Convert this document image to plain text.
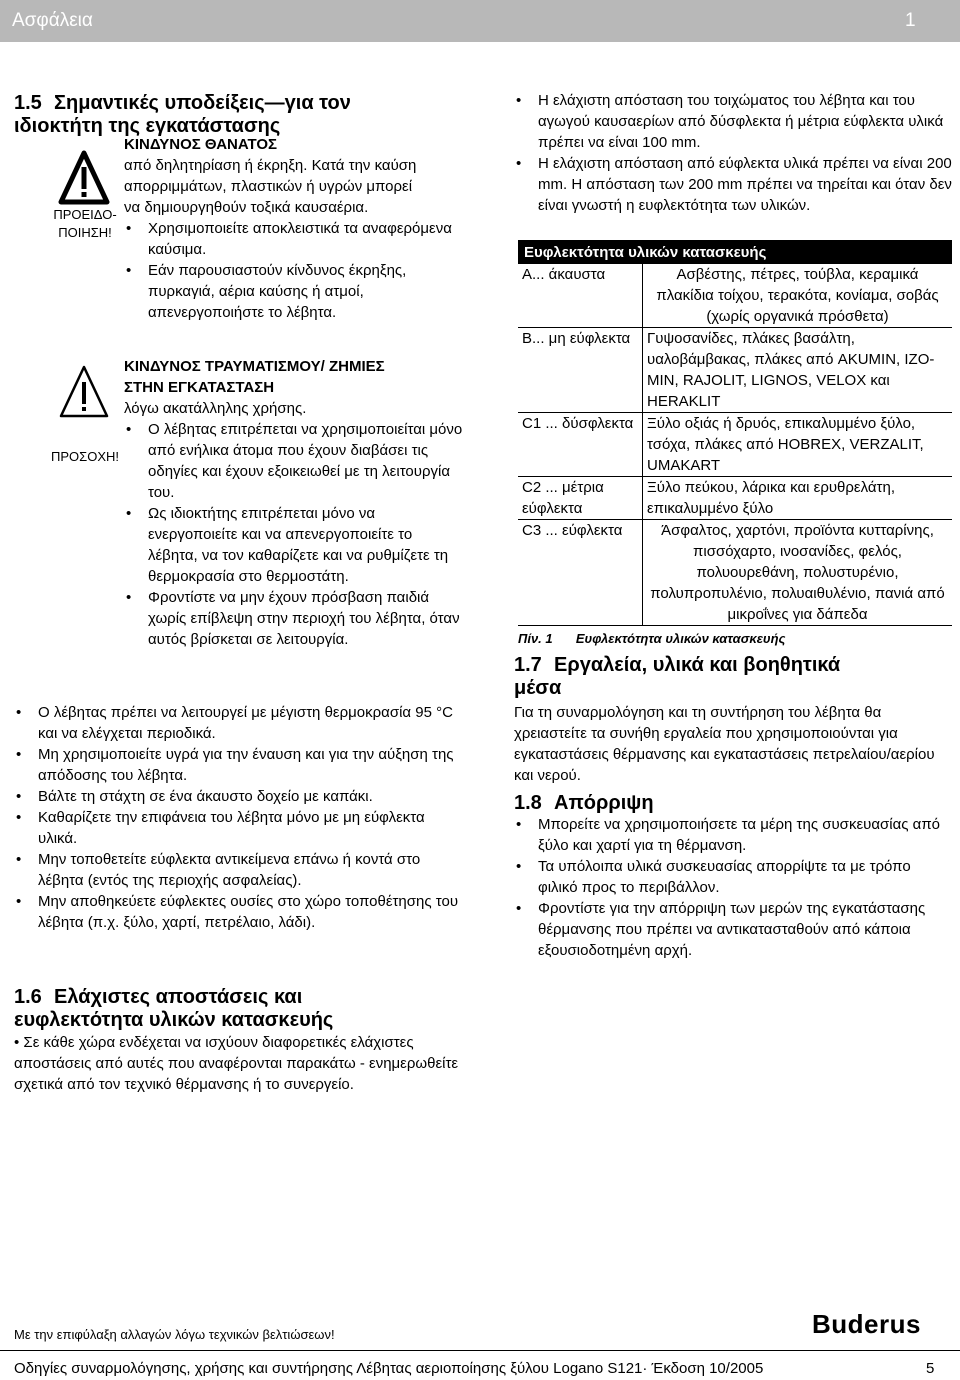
Ασφάλεια	1
1.5 Σημαντικές υποδείξεις—για τον
ιδιοκτήτη της εγκατάστασης
ΠΡΟΕΙΔΟ-
ΠΟΙΗΣΗ!
ΚΙΝΔΥΝΟΣ ΘΑΝΑΤΟΣ
από δηλητηρίαση ή έκρηξη. Κατά την καύση
απορριμμάτων, πλαστικών ή υγρών μπορεί
να δημιουργηθούν τοξικά καυσαέρια.
• Χρησιμοποιείτε αποκλειστικά τα αναφερόμενα καύσιμα.
• Εάν παρουσιαστούν κίνδυνος έκρηξης, πυρκαγιά, αέρια καύσης ή ατμοί, απενεργοποιήστε το λέβητα.
ΠΡΟΣΟΧΗ!
ΚΙΝΔΥΝΟΣ ΤΡΑΥΜΑΤΙΣΜΟΥ/ ΖΗΜΙΕΣ
ΣΤΗΝ ΕΓΚΑΤΑΣΤΑΣΗ
λόγω ακατάλληλης χρήσης.
• Ο λέβητας επιτρέπεται να χρησιμοποιείται μόνο από ενήλικα άτομα που έχουν διαβάσει τις οδηγίες και έχουν εξοικειωθεί με τη λειτουργία του.
• Ως ιδιοκτήτης επιτρέπεται μόνο να ενεργοποιείτε και να απενεργοποιείτε το λέβητα, να τον καθαρίζετε και να ρυθμίζετε τη θερμοκρασία στο θερμοστάτη.
• Φροντίστε να μην έχουν πρόσβαση παιδιά χωρίς επίβλεψη στην περιοχή του λέβητα, όταν αυτός βρίσκεται σε λειτουργία.
• Ο λέβητας πρέπει να λειτουργεί με μέγιστη θερμοκρασία 95 °C και να ελέγχεται περιοδικά.
• Μη χρησιμοποιείτε υγρά για την έναυση και για την αύξηση της απόδοσης του λέβητα.
• Βάλτε τη στάχτη σε ένα άκαυστο δοχείο με καπάκι.
• Καθαρίζετε την επιφάνεια του λέβητα μόνο με μη εύφλεκτα υλικά.
• Μην τοποθετείτε εύφλεκτα αντικείμενα επάνω ή κοντά στο λέβητα (εντός της περιοχής ασφαλείας).
• Μην αποθηκεύετε εύφλεκτες ουσίες στο χώρο τοποθέτησης του λέβητα (π.χ. ξύλο, χαρτί, πετρέλαιο, λάδι).
1.6 Ελάχιστες αποστάσεις και
ευφλεκτότητα υλικών κατασκευής
• Σε κάθε χώρα ενδέχεται να ισχύουν διαφορετικές ελάχιστες αποστάσεις από αυτές που αναφέρονται παρακάτω - ενημερωθείτε σχετικά από τον τεχνικό θέρμανσης ή το συνεργείο.
• Η ελάχιστη απόσταση του τοιχώματος του λέβητα και του αγωγού καυσαερίων από δύσφλεκτα ή μέτρια εύφλεκτα υλικά πρέπει να είναι 100 mm.
• Η ελάχιστη απόσταση από εύφλεκτα υλικά πρέπει να είναι 200 mm. Η απόσταση των 200 mm πρέπει να τηρείται και όταν δεν είναι γνωστή η ευφλεκτότητα των υλικών.
Ευφλεκτότητα υλικών κατασκευής	
A... άκαυστα	Ασβέστης, πέτρες, τούβλα, κεραμικά πλακίδια τοίχου, τερακότα, κονίαμα, σοβάς (χωρίς οργανικά πρόσθετα)
B... μη εύφλεκτα	Γυψοσανίδες, πλάκες βασάλτη, υαλοβάμβακας, πλάκες από AKUMIN, IZO-MIN, RAJOLIT, LIGNOS, VELOX και HERAKLIT
C1 ... δύσφλεκτα	Ξύλο οξιάς ή δρυός, επικαλυμμένο ξύλο, τσόχα, πλάκες από HOBREX, VERZALIT, UMAKART
C2 ... μέτρια εύφλεκτα	Ξύλο πεύκου, λάρικα και ερυθρελάτη, επικαλυμμένο ξύλο
C3 ... εύφλεκτα	Άσφαλτος, χαρτόνι, προϊόντα κυτταρίνης, πισσόχαρτο, ινοσανίδες, φελός, πολυουρεθάνη, πολυστυρένιο, πολυπροπυλένιο, πολυαιθυλένιο, πανιά από μικροΐνες για δάπεδα
Πίν. 1 Ευφλεκτότητα υλικών κατασκευής
1.7 Εργαλεία, υλικά και βοηθητικά
μέσα
Για τη συναρμολόγηση και τη συντήρηση του λέβητα θα χρειαστείτε τα συνήθη εργαλεία που χρησιμοποιούνται για εγκαταστάσεις θέρμανσης και εγκαταστάσεις πετρελαίου/αερίου και νερού.
1.8 Απόρριψη
• Μπορείτε να χρησιμοποιήσετε τα μέρη της συσκευασίας από ξύλο και χαρτί για τη θέρμανση.
• Τα υπόλοιπα υλικά συσκευασίας απορρίψτε τα με τρόπο φιλικό προς το περιβάλλον.
• Φροντίστε για την απόρριψη των μερών της εγκατάστασης θέρμανσης που πρέπει να αντικατασταθούν από κάποια εξουσιοδοτημένη αρχή.
Με την επιφύλαξη αλλαγών λόγω τεχνικών βελτιώσεων!	Buderus
Οδηγίες συναρμολόγησης, χρήσης και συντήρησης Λέβητας αεριοποίησης ξύλου Logano S121· Έκδοση 10/2005	5
